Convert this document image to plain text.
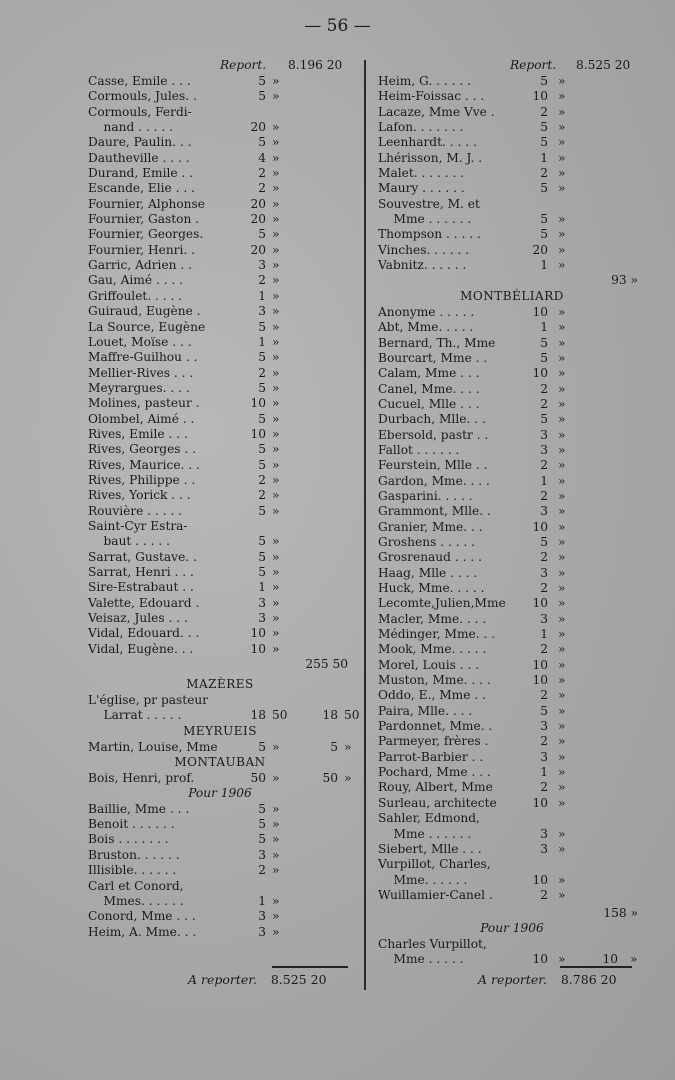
— 56 —
Report. 8.196 20
Casse, Emile . . .	5 »
Cormouls, Jules. .	5 »
Cormouls, Ferdi-
nand . . . . .	20 »
Daure, Paulin. . .	5 »
Dautheville . . . .	4 »
Durand, Emile . .	2 »
Escande, Elie . . .	2 »
Fournier, Alphonse	20 »
Fournier, Gaston .	20 »
Fournier, Georges.	5 »
Fournier, Henri. .	20 »
Garric, Adrien . .	3 »
Gau, Aimé . . . .	2 »
Griffoulet. . . . .	1 »
Guiraud, Eugène .	3 »
La Source, Eugène	5 »
Louet, Moïse . . .	1 »
Maffre-Guilhou . .	5 »
Mellier-Rives . . .	2 »
Meyrargues. . . .	5 »
Molines, pasteur .	10 »
Olombel, Aimé . .	5 »
Rives, Emile . . .	10 »
Rives, Georges . .	5 »
Rives, Maurice. . .	5 »
Rives, Philippe . .	2 »
Rives, Yorick . . .	2 »
Rouvière . . . . .	5 »
Saint-Cyr Estra-
baut . . . . .	5 »
Sarrat, Gustave. .	5 »
Sarrat, Henri . . .	5 »
Sire-Estrabaut . .	1 »
Valette, Edouard .	3 »
Veisaz, Jules . . .	3 »
Vidal, Edouard. . .	10 »
Vidal, Eugène. . .	10 »
255 50
MAZÈRES
L'église, pr pasteur
Larrat . . . . .	18 50	18 50
MEYRUEIS
Martin, Louise, Mme	5 »	5 »
MONTAUBAN
Bois, Henri, prof.	50 »	50 »
Pour 1906
Baillie, Mme . . .	5 »
Benoit . . . . . .	5 »
Bois . . . . . . .	5 »
Bruston. . . . . .	3 »
Illisible. . . . . .	2 »
Carl et Conord,
Mmes. . . . . .	1 »
Conord, Mme . . .	3 »
Heim, A. Mme. . .	3 »
Report. 8.525 20
Heim, G. . . . . .	5 »
Heim-Foissac . . .	10 »
Lacaze, Mme Vve .	2 »
Lafon. . . . . . .	5 »
Leenhardt. . . . .	5 »
Lhérisson, M. J. .	1 »
Malet. . . . . . .	2 »
Maury . . . . . .	5 »
Souvestre, M. et
Mme . . . . . .	5 »
Thompson . . . . .	5 »
Vinches. . . . . .	20 »
Vabnitz. . . . . .	1 »
93 »
MONTBÉLIARD
Anonyme . . . . .	10 »
Abt, Mme. . . . .	1 »
Bernard, Th., Mme	5 »
Bourcart, Mme . .	5 »
Calam, Mme . . .	10 »
Canel, Mme. . . .	2 »
Cucuel, Mlle . . .	2 »
Durbach, Mlle. . .	5 »
Ebersold, pastr . .	3 »
Fallot . . . . . .	3 »
Feurstein, Mlle . .	2 »
Gardon, Mme. . . .	1 »
Gasparini. . . . .	2 »
Grammont, Mlle. .	3 »
Granier, Mme. . .	10 »
Groshens . . . . .	5 »
Grosrenaud . . . .	2 »
Haag, Mlle . . . .	3 »
Huck, Mme. . . . .	2 »
Lecomte,Julien,Mme	10 »
Macler, Mme. . . .	3 »
Médinger, Mme. . .	1 »
Mook, Mme. . . . .	2 »
Morel, Louis . . .	10 »
Muston, Mme. . . .	10 »
Oddo, E., Mme . .	2 »
Paira, Mlle. . . .	5 »
Pardonnet, Mme. .	3 »
Parmeyer, frères .	2 »
Parrot-Barbier . .	3 »
Pochard, Mme . . .	1 »
Rouy, Albert, Mme	2 »
Surleau, architecte	10 »
Sahler, Edmond,
Mme . . . . . .	3 »
Siebert, Mlle . . .	3 »
Vurpillot, Charles,
Mme. . . . . .	10 »
Wuillamier-Canel .	2 »
158 »
Pour 1906
Charles Vurpillot,
Mme . . . . .	10 »	10 »
A reporter. 8.525 20	A reporter. 8.786 20
